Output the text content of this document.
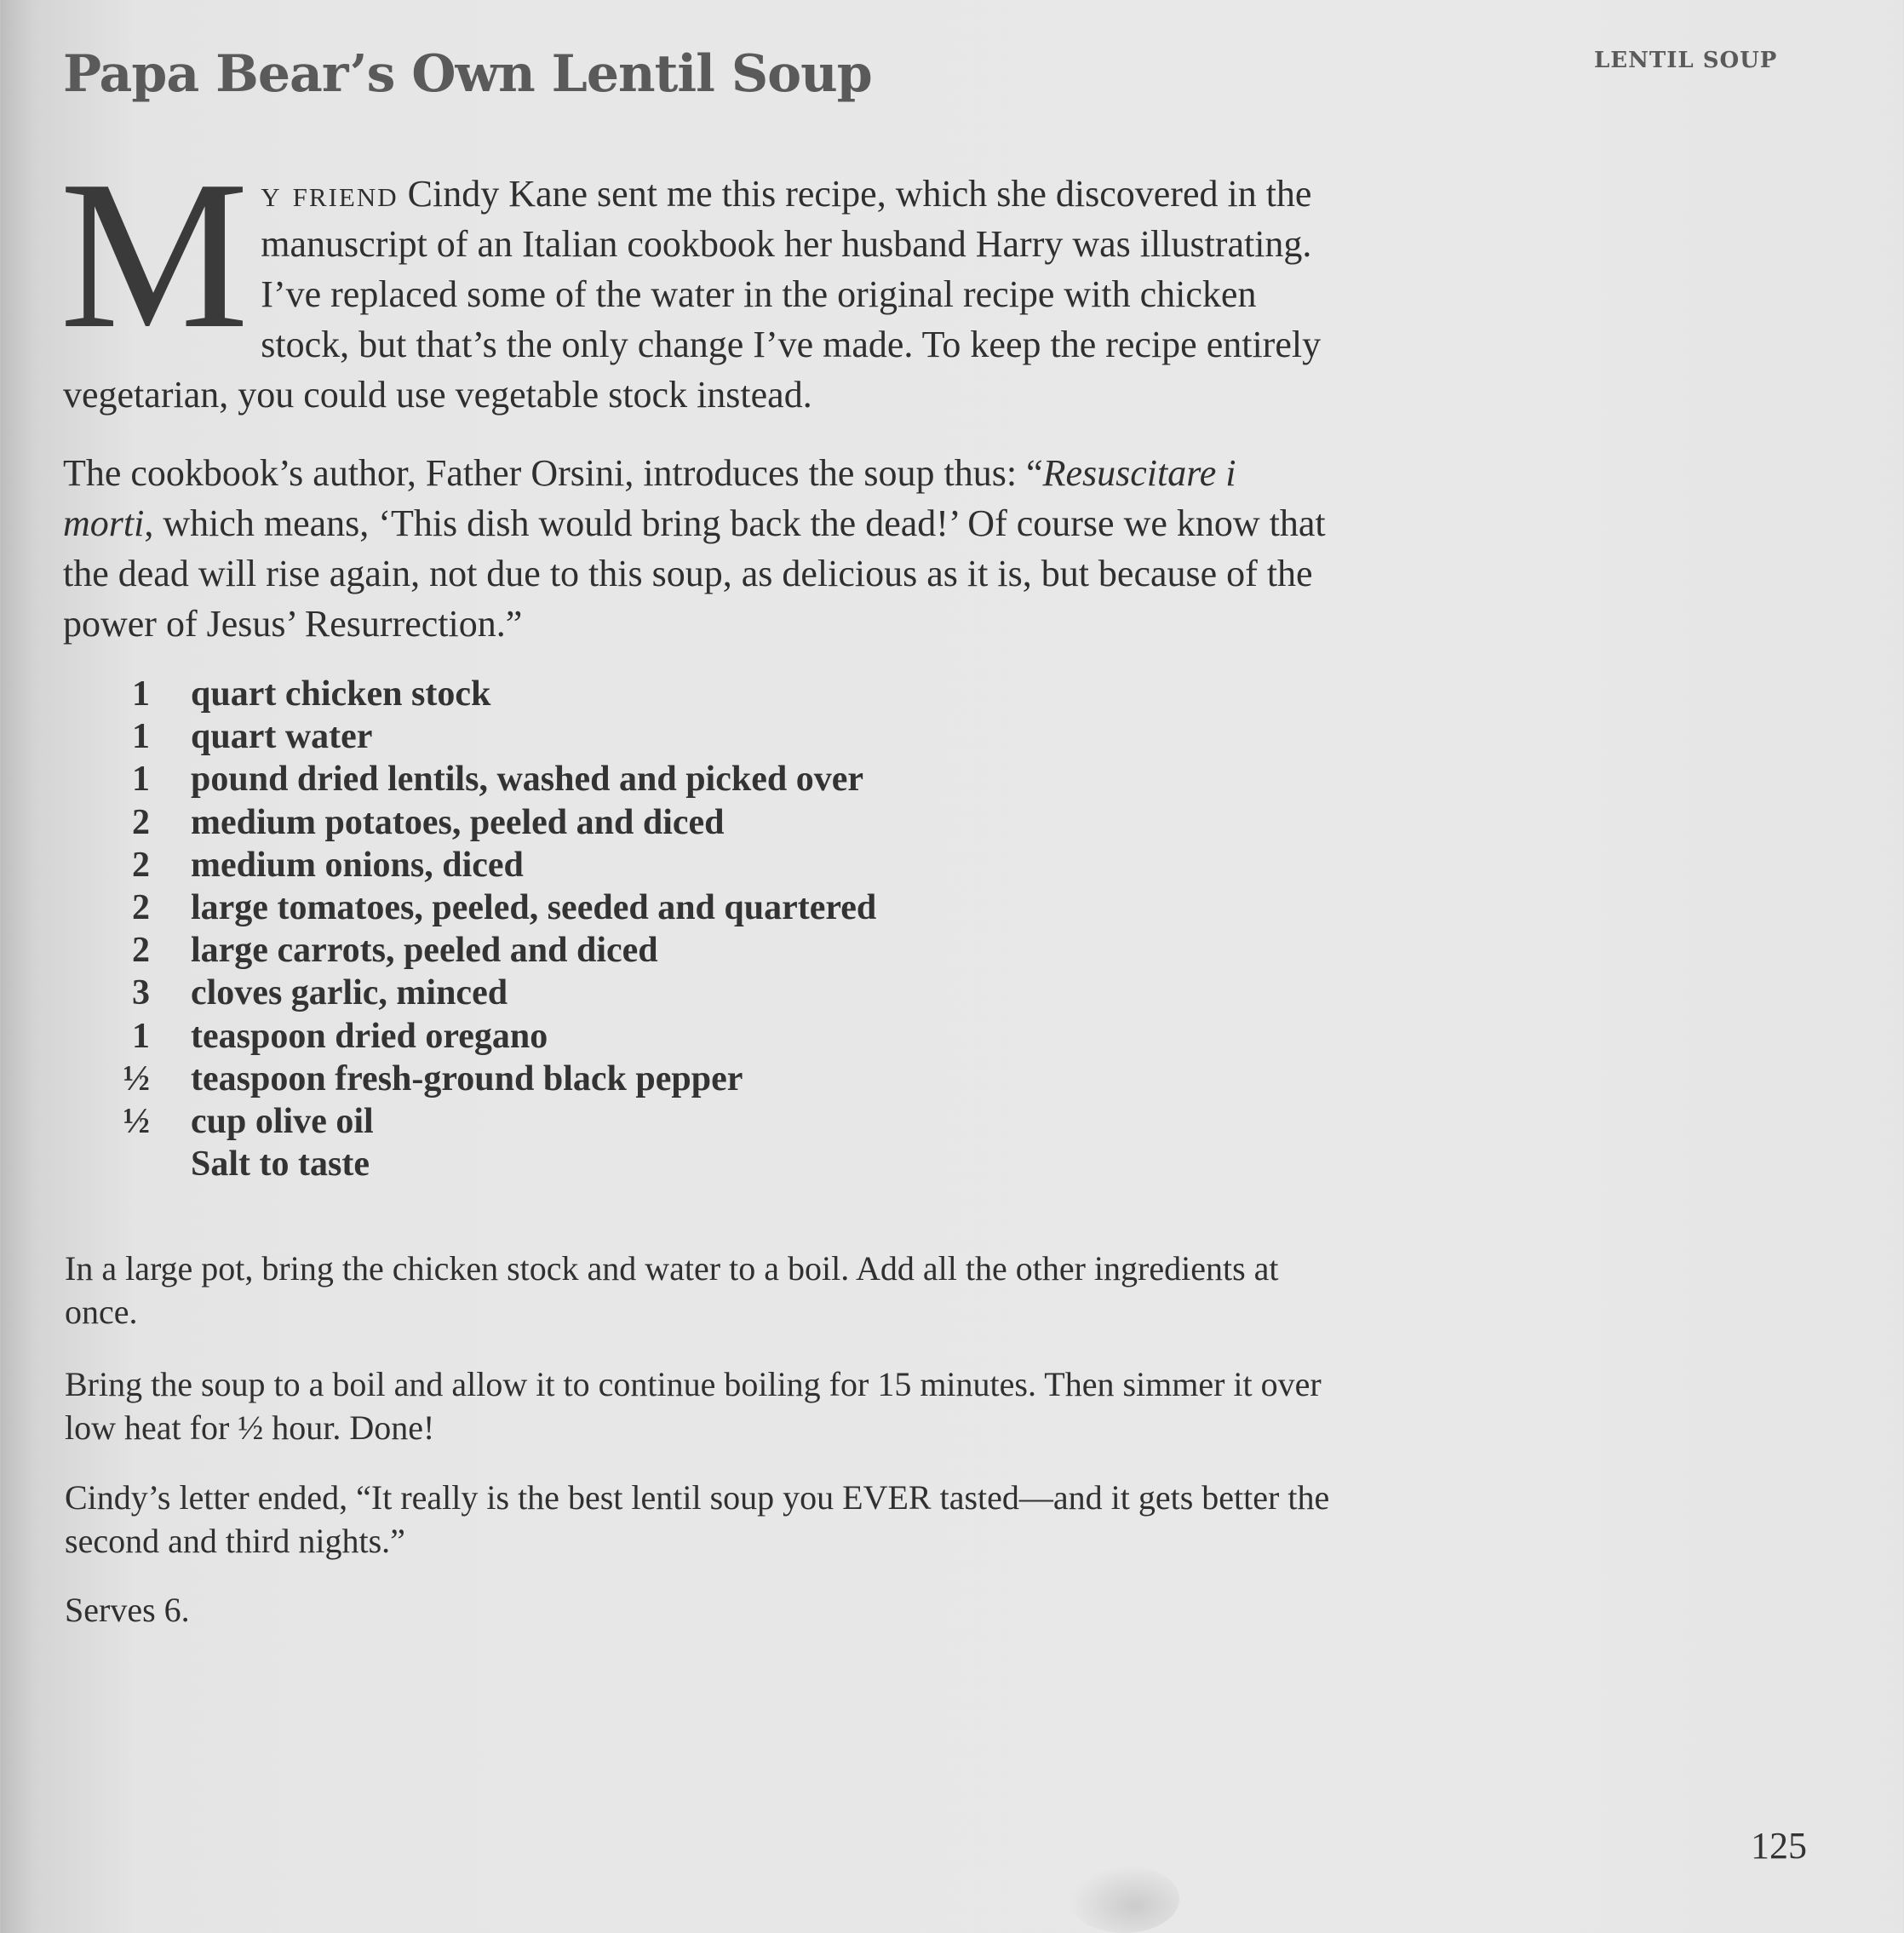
Papa Bear’s Own Lentil Soup	LENTIL SOUP
My friend Cindy Kane sent me this recipe, which she discovered in the manuscript of an Italian cookbook her husband Harry was illustrating. I’ve replaced some of the water in the original recipe with chicken stock, but that’s the only change I’ve made. To keep the recipe entirely vegetarian, you could use vegetable stock instead.
The cookbook’s author, Father Orsini, introduces the soup thus: “Resuscitare i morti, which means, ‘This dish would bring back the dead!’ Of course we know that the dead will rise again, not due to this soup, as delicious as it is, but because of the power of Jesus’ Resurrection.”
1 quart chicken stock
1 quart water
1 pound dried lentils, washed and picked over
2 medium potatoes, peeled and diced
2 medium onions, diced
2 large tomatoes, peeled, seeded and quartered
2 large carrots, peeled and diced
3 cloves garlic, minced
1 teaspoon dried oregano
½ teaspoon fresh-ground black pepper
½ cup olive oil
Salt to taste

In a large pot, bring the chicken stock and water to a boil. Add all the other ingredients at once.

Bring the soup to a boil and allow it to continue boiling for 15 minutes. Then simmer it over low heat for ½ hour. Done!

Cindy’s letter ended, “It really is the best lentil soup you EVER tasted—and it gets better the second and third nights.”

Serves 6.

125
